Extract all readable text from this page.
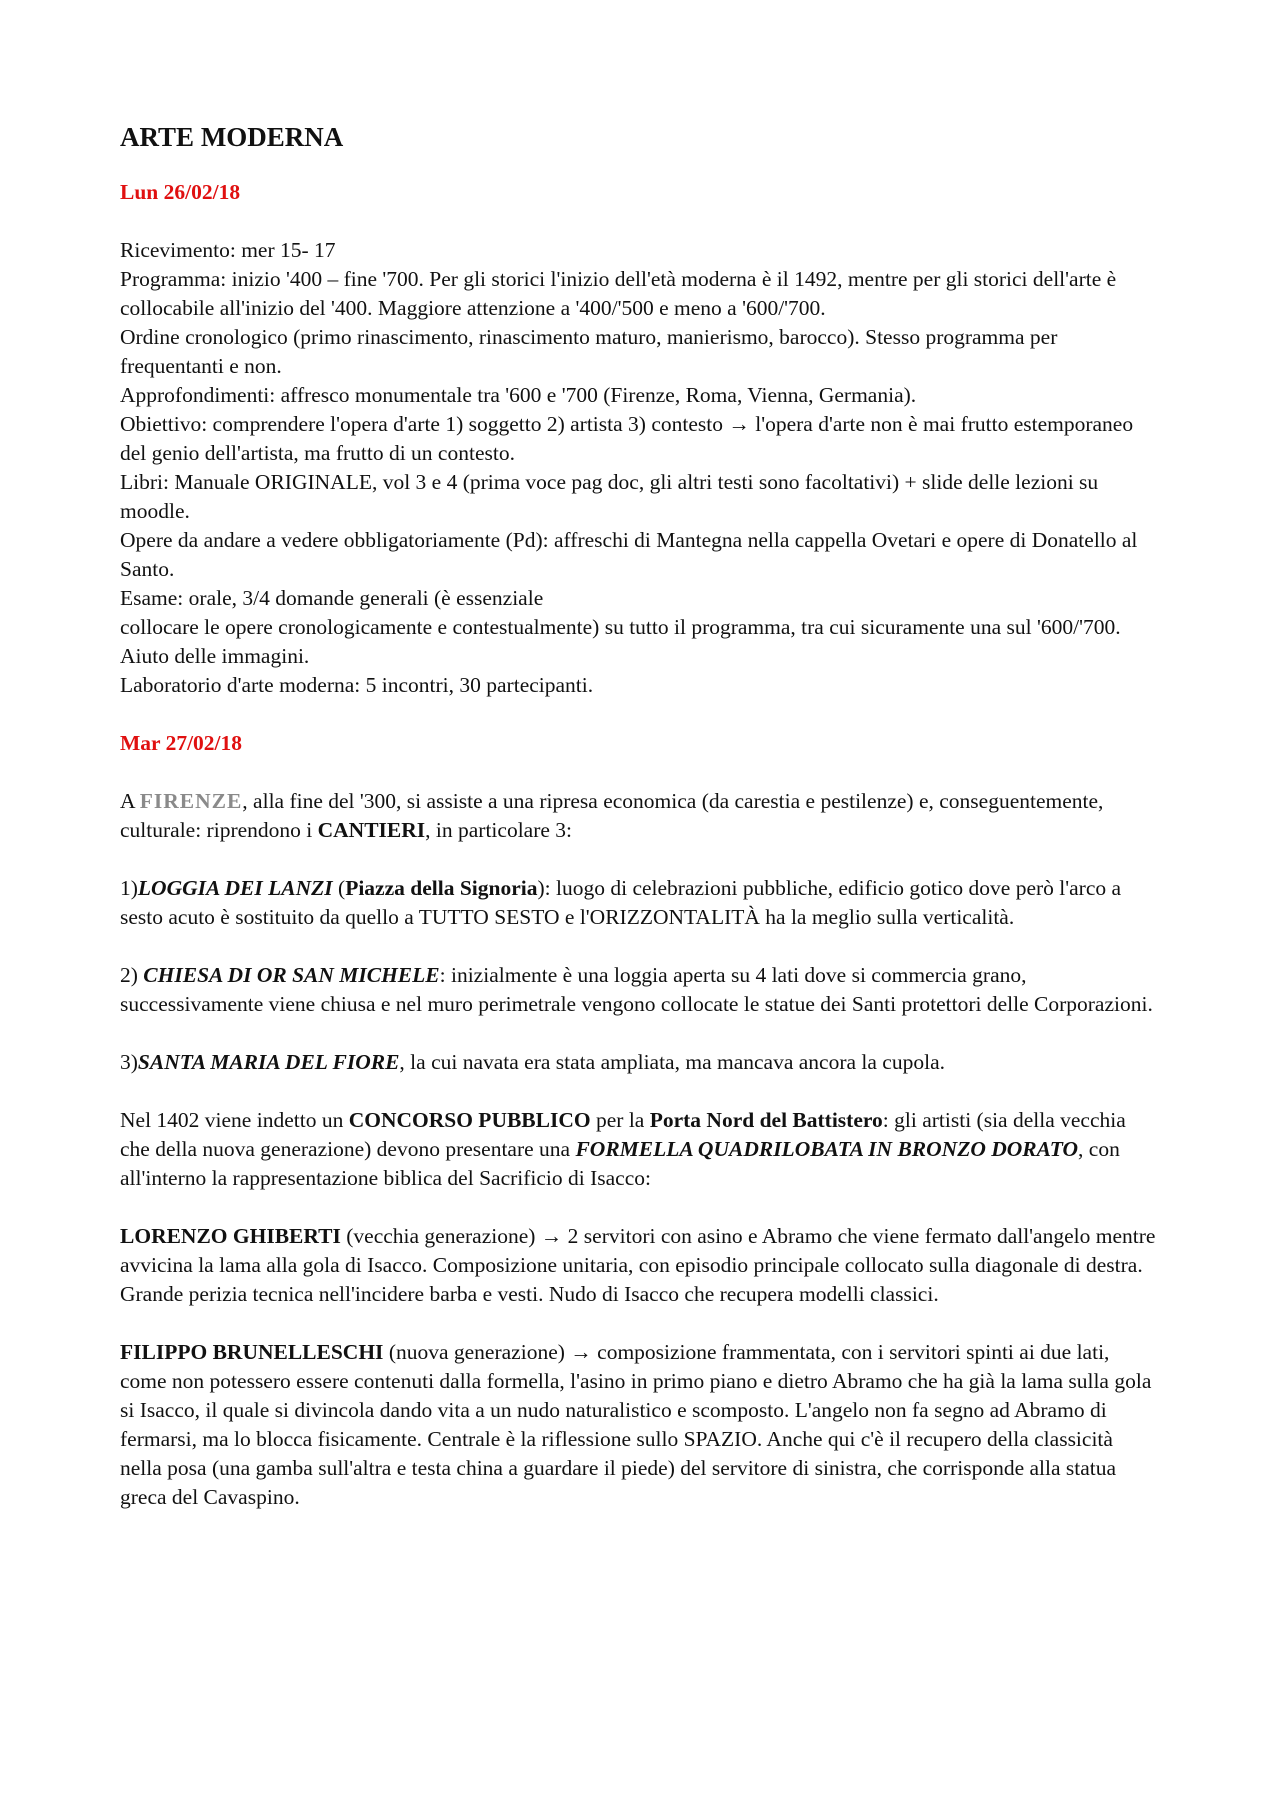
ARTE MODERNA

Lun 26/02/18

Ricevimento: mer 15- 17

Programma: inizio '400 – fine '700. Per gli storici l'inizio dell'età moderna è il 1492, mentre per gli storici dell'arte è collocabile all'inizio del '400. Maggiore attenzione a '400/'500 e meno a '600/'700.

Ordine cronologico (primo rinascimento, rinascimento maturo, manierismo, barocco). Stesso programma per frequentanti e non.

Approfondimenti: affresco monumentale tra '600 e '700 (Firenze, Roma, Vienna, Germania).

Obiettivo: comprendere l'opera d'arte 1) soggetto 2) artista 3) contesto → l'opera d'arte non è mai frutto estemporaneo del genio dell'artista, ma frutto di un contesto.

Libri: Manuale ORIGINALE, vol 3 e 4 (prima voce pag doc, gli altri testi sono facoltativi) + slide delle lezioni su moodle.

Opere da andare a vedere obbligatoriamente (Pd): affreschi di Mantegna nella cappella Ovetari e opere di Donatello al Santo.

Esame: orale, 3/4 domande generali (è essenziale

collocare le opere cronologicamente e contestualmente) su tutto il programma, tra cui sicuramente una sul '600/'700. Aiuto delle immagini.

Laboratorio d'arte moderna: 5 incontri, 30 partecipanti.

Mar 27/02/18

A FIRENZE, alla fine del '300, si assiste a una ripresa economica (da carestia e pestilenze) e, conseguentemente, culturale: riprendono i CANTIERI, in particolare 3:

1)LOGGIA DEI LANZI (Piazza della Signoria): luogo di celebrazioni pubbliche, edificio gotico dove però l'arco a sesto acuto è sostituito da quello a TUTTO SESTO e l'ORIZZONTALITÀ ha la meglio sulla verticalità.

2) CHIESA DI OR SAN MICHELE: inizialmente è una loggia aperta su 4 lati dove si commercia grano, successivamente viene chiusa e nel muro perimetrale vengono collocate le statue dei Santi protettori delle Corporazioni.

3)SANTA MARIA DEL FIORE, la cui navata era stata ampliata, ma mancava ancora la cupola.

Nel 1402 viene indetto un CONCORSO PUBBLICO per la Porta Nord del Battistero: gli artisti (sia della vecchia che della nuova generazione) devono presentare una FORMELLA QUADRILOBATA IN BRONZO DORATO, con all'interno la rappresentazione biblica del Sacrificio di Isacco:

LORENZO GHIBERTI (vecchia generazione) → 2 servitori con asino e Abramo che viene fermato dall'angelo mentre avvicina la lama alla gola di Isacco. Composizione unitaria, con episodio principale collocato sulla diagonale di destra. Grande perizia tecnica nell'incidere barba e vesti. Nudo di Isacco che recupera modelli classici.

FILIPPO BRUNELLESCHI (nuova generazione) → composizione frammentata, con i servitori spinti ai due lati, come non potessero essere contenuti dalla formella, l'asino in primo piano e dietro Abramo che ha già la lama sulla gola si Isacco, il quale si divincola dando vita a un nudo naturalistico e scomposto. L'angelo non fa segno ad Abramo di fermarsi, ma lo blocca fisicamente. Centrale è la riflessione sullo SPAZIO. Anche qui c'è il recupero della classicità nella posa (una gamba sull'altra e testa china a guardare il piede) del servitore di sinistra, che corrisponde alla statua greca del Cavaspino.
